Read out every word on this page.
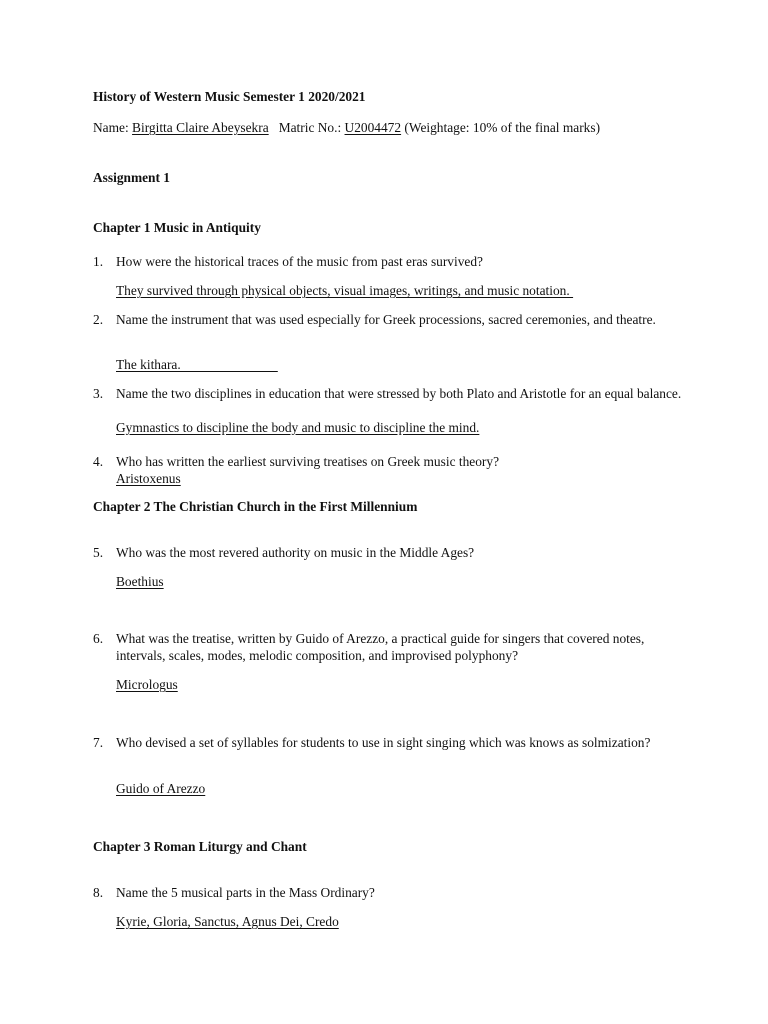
History of Western Music Semester 1 2020/2021
Name: Birgitta Claire Abeysekra Matric No.: U2004472 (Weightage: 10% of the final marks)
Assignment 1
Chapter 1 Music in Antiquity
1. How were the historical traces of the music from past eras survived?
They survived through physical objects, visual images, writings, and music notation.
2. Name the instrument that was used especially for Greek processions, sacred ceremonies, and theatre.
The kithara.
3. Name the two disciplines in education that were stressed by both Plato and Aristotle for an equal balance.
Gymnastics to discipline the body and music to discipline the mind.
4. Who has written the earliest surviving treatises on Greek music theory?
Aristoxenus
Chapter 2 The Christian Church in the First Millennium
5. Who was the most revered authority on music in the Middle Ages?
Boethius
6. What was the treatise, written by Guido of Arezzo, a practical guide for singers that covered notes, intervals, scales, modes, melodic composition, and improvised polyphony?
Micrologus
7. Who devised a set of syllables for students to use in sight singing which was knows as solmization?
Guido of Arezzo
Chapter 3 Roman Liturgy and Chant
8. Name the 5 musical parts in the Mass Ordinary?
Kyrie, Gloria, Sanctus, Agnus Dei, Credo
